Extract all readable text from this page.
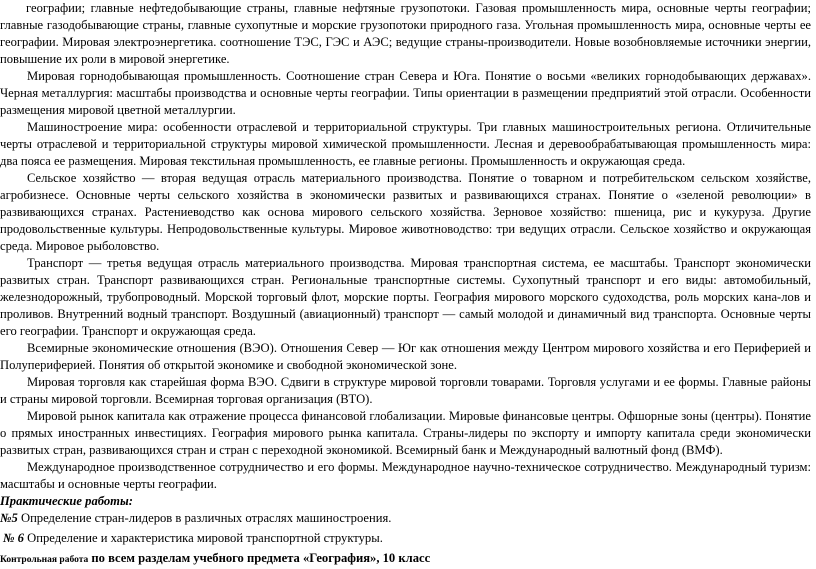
географии; главные нефтедобывающие страны, главные нефтяные грузопотоки. Газовая промышленность мира, основные черты географии; главные газодобывающие страны, главные сухопутные и морские грузопотоки природного газа. Угольная промышленность мира, основные черты ее географии. Мировая электроэнергетика. соотношение ТЭС, ГЭС и АЭС; ведущие страны-производители. Новые возобновляемые источники энергии, повышение их роли в мировой энергетике.

Мировая горнодобывающая промышленность. Соотношение стран Севера и Юга. Понятие о восьми «великих горнодобывающих державах». Черная металлургия: масштабы производства и основные черты географии. Типы ориентации в размещении предприятий этой отрасли. Особенности размещения мировой цветной металлургии.

Машиностроение мира: особенности отраслевой и территориальной структуры. Три главных машиностроительных региона. Отличительные черты отраслевой и территориальной структуры мировой химической промышленности. Лесная и деревообрабатывающая промышленность мира: два пояса ее размещения. Мировая текстильная промышленность, ее главные регионы. Промышленность и окружающая среда.

Сельское хозяйство — вторая ведущая отрасль материального производства. Понятие о товарном и потребительском сельском хозяйстве, агробизнесе. Основные черты сельского хозяйства в экономически развитых и развивающихся странах. Понятие о «зеленой революции» в развивающихся странах. Растениеводство как основа мирового сельского хозяйства. Зерновое хозяйство: пшеница, рис и кукуруза. Другие продовольственные культуры. Непродовольственные культуры. Мировое животноводство: три ведущих отрасли. Сельское хозяйство и окружающая среда. Мировое рыболовство.

Транспорт — третья ведущая отрасль материального производства. Мировая транспортная система, ее масштабы. Транспорт экономически развитых стран. Транспорт развивающихся стран. Региональные транспортные системы. Сухопутный транспорт и его виды: автомобильный, железнодорожный, трубопроводный. Морской торговый флот, морские порты. География мирового морского судоходства, роль морских кана-лов и проливов. Внутренний водный транспорт. Воздушный (авиационный) транспорт — самый молодой и динамичный вид транспорта. Основные черты его географии. Транспорт и окружающая среда.

Всемирные экономические отношения (ВЭО). Отношения Север — Юг как отношения между Центром мирового хозяйства и его Периферией и Полупериферией. Понятия об открытой экономике и свободной экономической зоне.

Мировая торговля как старейшая форма ВЭО. Сдвиги в структуре мировой торговли товарами. Торговля услугами и ее формы. Главные районы и страны мировой торговли. Всемирная торговая организация (ВТО).

Мировой рынок капитала как отражение процесса финансовой глобализации. Мировые финансовые центры. Офшорные зоны (центры). Понятие о прямых иностранных инвестициях. География мирового рынка капитала. Страны-лидеры по экспорту и импорту капитала среди экономически развитых стран, развивающихся стран и стран с переходной экономикой. Всемирный банк и Международный валютный фонд (ВМФ).

Международное производственное сотрудничество и его формы. Международное научно-техническое сотрудничество. Международный туризм: масштабы и основные черты географии.

Практические работы:

№5 Определение стран-лидеров в различных отраслях машиностроения.

№ 6 Определение и характеристика мировой транспортной структуры.

Контрольная работа по всем разделам учебного предмета «География», 10 класс
